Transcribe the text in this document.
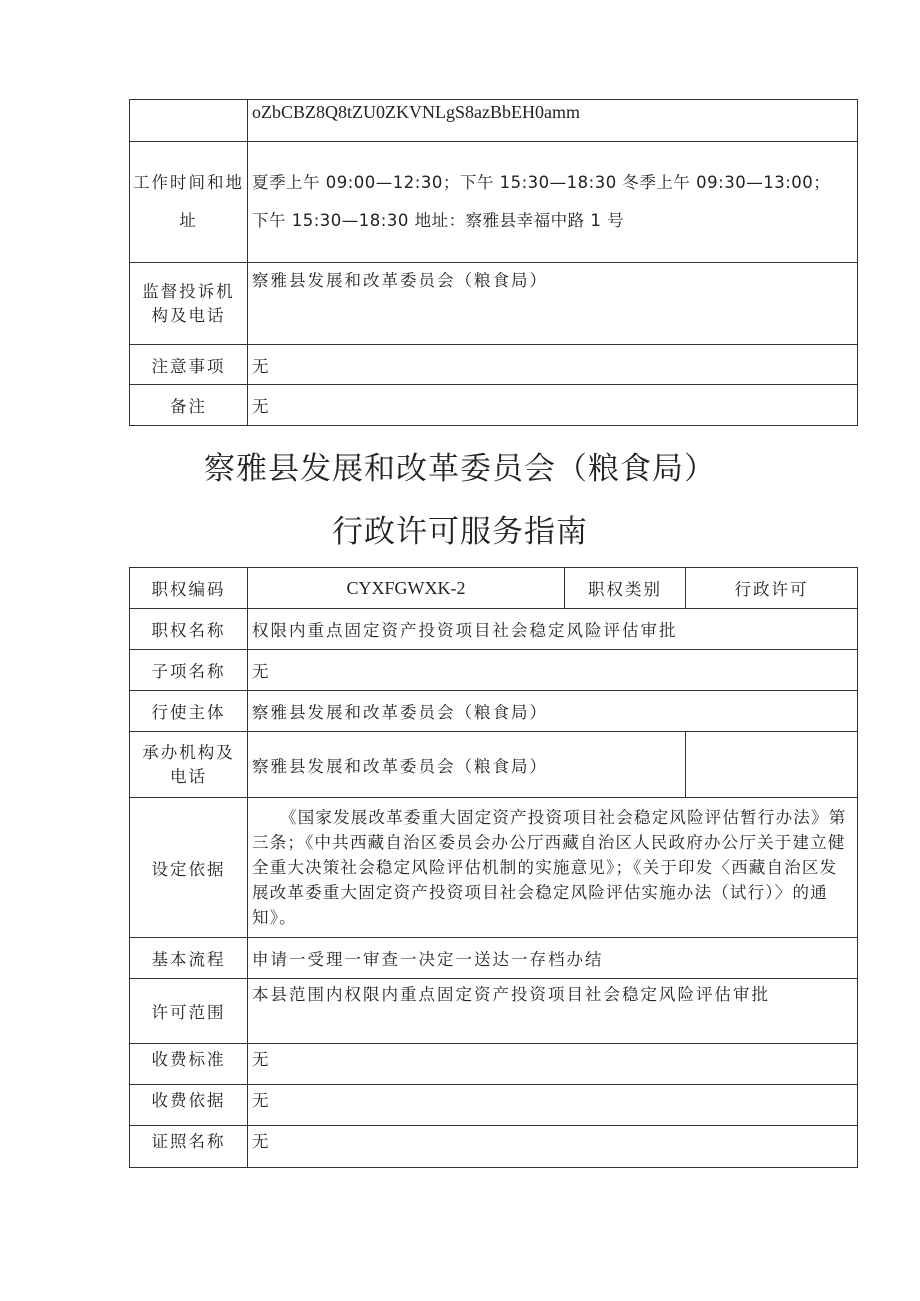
	oZbCBZ8Q8tZU0ZKVNLgS8azBbEH0amm
工作时间和地址	夏季上午 09:00—12:30；下午 15:30—18:30 冬季上午 09:30—13:00；
下午 15:30—18:30 地址：察雅县幸福中路 1 号

监督投诉机构及电话	察雅县发展和改革委员会（粮食局）
注意事项	无
备注	无
察雅县发展和改革委员会（粮食局）
行政许可服务指南
职权编码	CYXFGWXK-2	职权类别	行政许可
职权名称	权限内重点固定资产投资项目社会稳定风险评估审批		
子项名称	无		
行使主体	察雅县发展和改革委员会（粮食局）		
承办机构及电话	察雅县发展和改革委员会（粮食局）		
设定依据	《国家发展改革委重大固定资产投资项目社会稳定风险评估暂行办法》第三条；《中共西藏自治区委员会办公厅西藏自治区人民政府办公厅关于建立健全重大决策社会稳定风险评估机制的实施意见》；《关于印发〈西藏自治区发展改革委重大固定资产投资项目社会稳定风险评估实施办法（试行）〉的通知》。		
基本流程	申请一受理一审查一决定一送达一存档办结		
许可范围	本县范围内权限内重点固定资产投资项目社会稳定风险评估审批		
收费标准	无		
收费依据	无		
证照名称	无		
